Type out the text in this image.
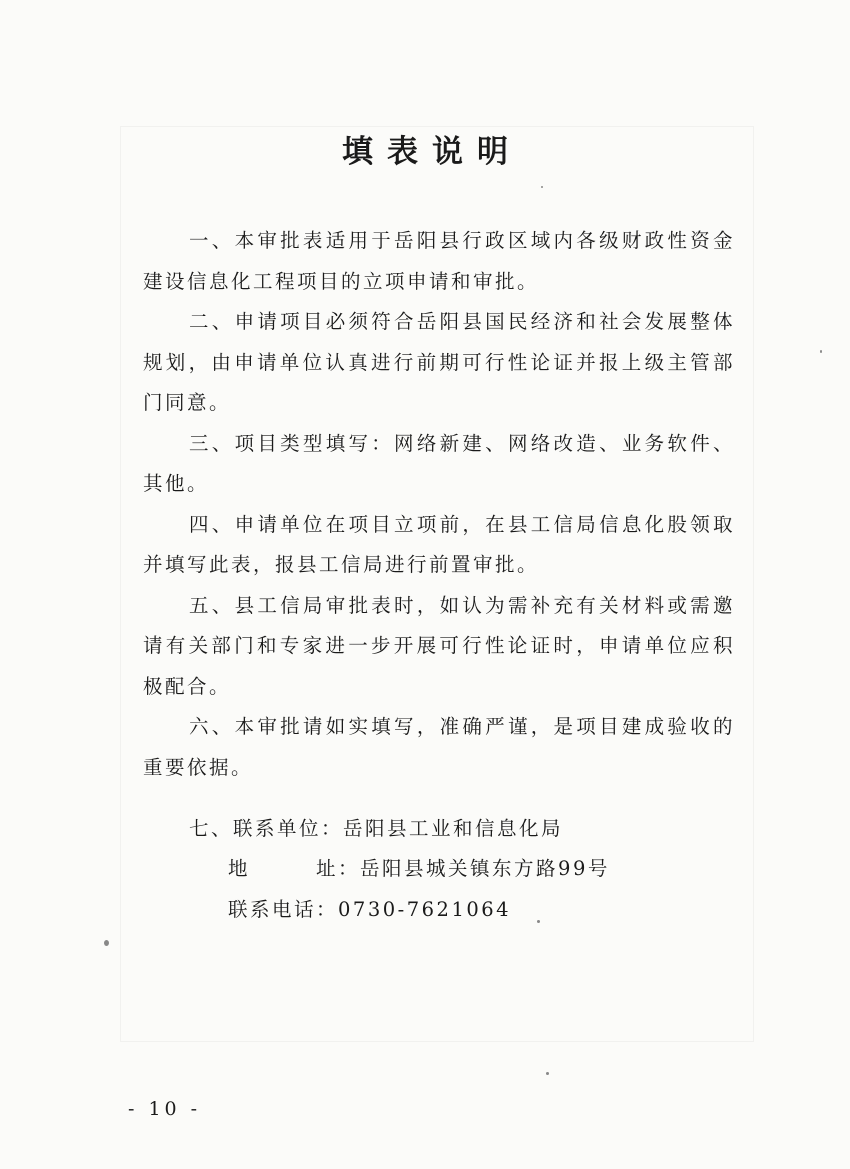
填表说明

一、本审批表适用于岳阳县行政区域内各级财政性资金建设信息化工程项目的立项申请和审批。

二、申请项目必须符合岳阳县国民经济和社会发展整体规划，由申请单位认真进行前期可行性论证并报上级主管部门同意。

三、项目类型填写：网络新建、网络改造、业务软件、其他。

四、申请单位在项目立项前，在县工信局信息化股领取并填写此表，报县工信局进行前置审批。

五、县工信局审批表时，如认为需补充有关材料或需邀请有关部门和专家进一步开展可行性论证时，申请单位应积极配合。

六、本审批请如实填写，准确严谨，是项目建成验收的重要依据。

七、联系单位：岳阳县工业和信息化局
地	址：岳阳县城关镇东方路99号
联系电话：0730-7621064
- 10 -
